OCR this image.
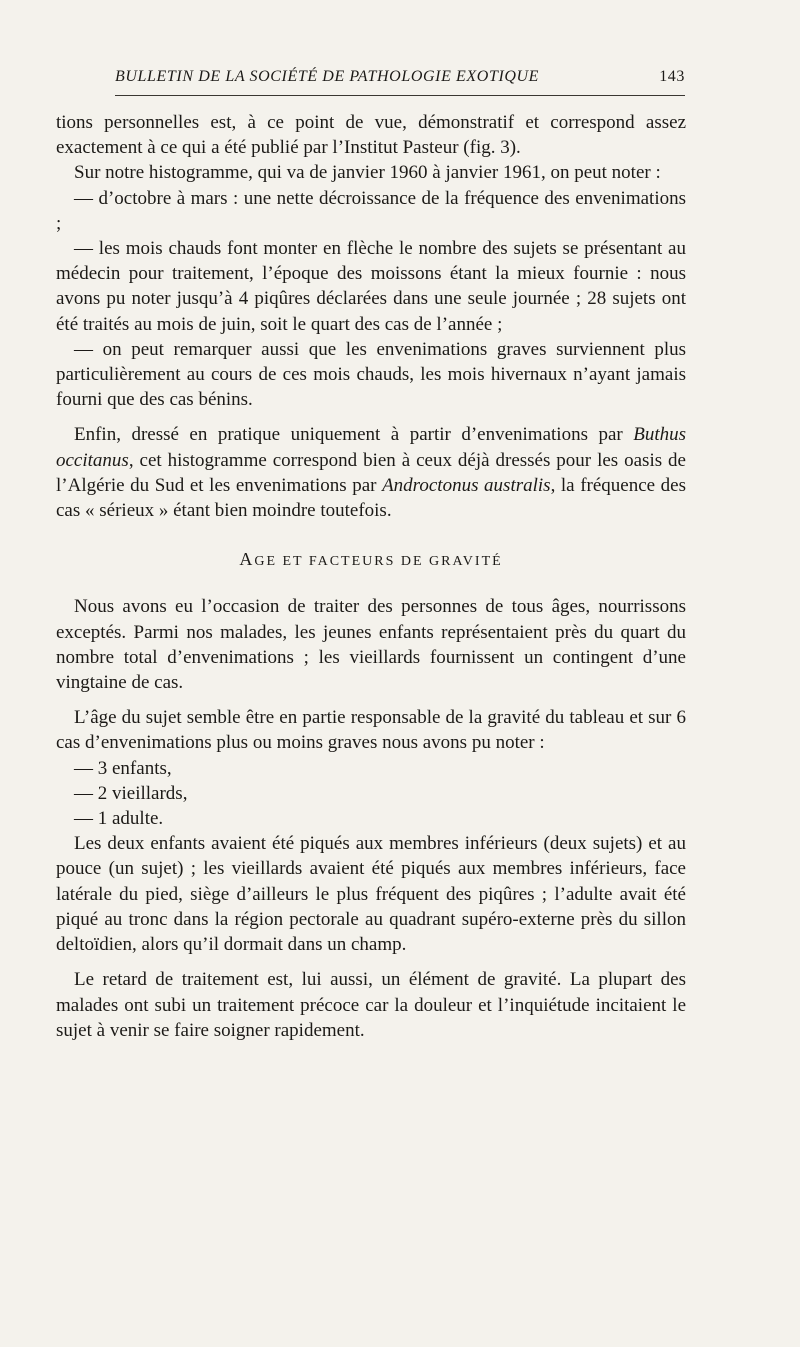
BULLETIN DE LA SOCIÉTÉ DE PATHOLOGIE EXOTIQUE	143

tions personnelles est, à ce point de vue, démonstratif et correspond assez exactement à ce qui a été publié par l’Institut Pasteur (fig. 3).

Sur notre histogramme, qui va de janvier 1960 à janvier 1961, on peut noter :

— d’octobre à mars : une nette décroissance de la fréquence des envenimations ;

— les mois chauds font monter en flèche le nombre des sujets se présentant au médecin pour traitement, l’époque des moissons étant la mieux fournie : nous avons pu noter jusqu’à 4 piqûres déclarées dans une seule journée ; 28 sujets ont été traités au mois de juin, soit le quart des cas de l’année ;

— on peut remarquer aussi que les envenimations graves surviennent plus particulièrement au cours de ces mois chauds, les mois hivernaux n’ayant jamais fourni que des cas bénins.

Enfin, dressé en pratique uniquement à partir d’envenimations par Buthus occitanus, cet histogramme correspond bien à ceux déjà dressés pour les oasis de l’Algérie du Sud et les envenimations par Androctonus australis, la fréquence des cas « sérieux » étant bien moindre toutefois.

AGE ET FACTEURS DE GRAVITÉ

Nous avons eu l’occasion de traiter des personnes de tous âges, nourrissons exceptés. Parmi nos malades, les jeunes enfants représentaient près du quart du nombre total d’envenimations ; les vieillards fournissent un contingent d’une vingtaine de cas.

L’âge du sujet semble être en partie responsable de la gravité du tableau et sur 6 cas d’envenimations plus ou moins graves nous avons pu noter :

— 3 enfants,

— 2 vieillards,

— 1 adulte.

Les deux enfants avaient été piqués aux membres inférieurs (deux sujets) et au pouce (un sujet) ; les vieillards avaient été piqués aux membres inférieurs, face latérale du pied, siège d’ailleurs le plus fréquent des piqûres ; l’adulte avait été piqué au tronc dans la région pectorale au quadrant supéro-externe près du sillon deltoïdien, alors qu’il dormait dans un champ.

Le retard de traitement est, lui aussi, un élément de gravité. La plupart des malades ont subi un traitement précoce car la douleur et l’inquiétude incitaient le sujet à venir se faire soigner rapidement.
